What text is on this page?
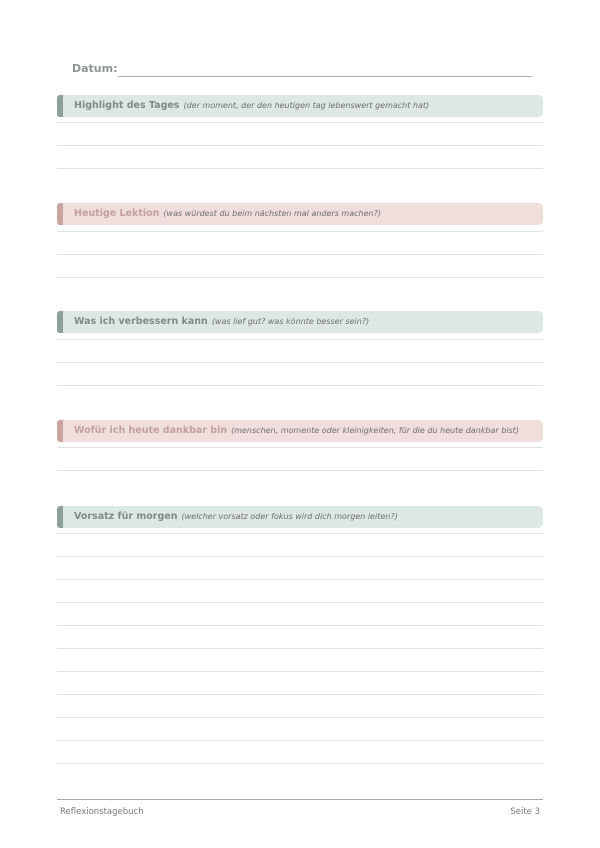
Datum:
Highlight des Tages (der moment, der den heutigen tag lebenswert gemacht hat)
Heutige Lektion (was würdest du beim nächsten mal anders machen?)
Was ich verbessern kann (was lief gut? was könnte besser sein?)
Wofür ich heute dankbar bin (menschen, momente oder kleinigkeiten, für die du heute dankbar bist)
Vorsatz für morgen (welcher vorsatz oder fokus wird dich morgen leiten?)
Reflexionstagebuch	Seite 3
